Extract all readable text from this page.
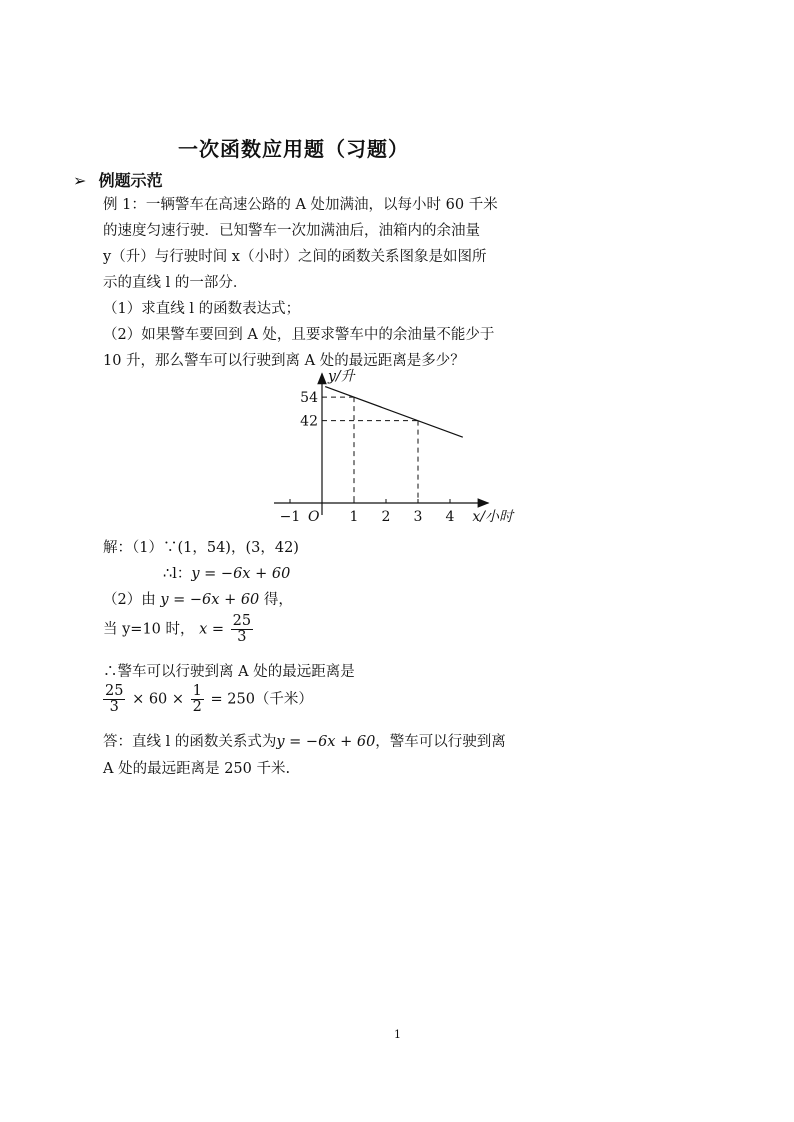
一次函数应用题（习题）
➢ 例题示范
例 1：一辆警车在高速公路的 A 处加满油，以每小时 60 千米
的速度匀速行驶．已知警车一次加满油后，油箱内的余油量
y（升）与行驶时间 x（小时）之间的函数关系图象是如图所
示的直线 l 的一部分．
（1）求直线 l 的函数表达式；
（2）如果警车要回到 A 处，且要求警车中的余油量不能少于
10 升，那么警车可以行驶到离 A 处的最远距离是多少？
y/升
x/小时
O
−1	1 2 3 4
54
42
解：（1）∵(1，54)，(3，42)
∴l：y = −6x + 60
（2）由 y = −6x + 60 得，
当 y=10 时， $x = \frac{25}{3}$
∴警车可以行驶到离 A 处的最远距离是
$\frac{25}{3} \times 60 \times \frac{1}{2} = 250$（千米）
答：直线 l 的函数关系式为y = −6x + 60，警车可以行驶到离
A 处的最远距离是 250 千米.
1
